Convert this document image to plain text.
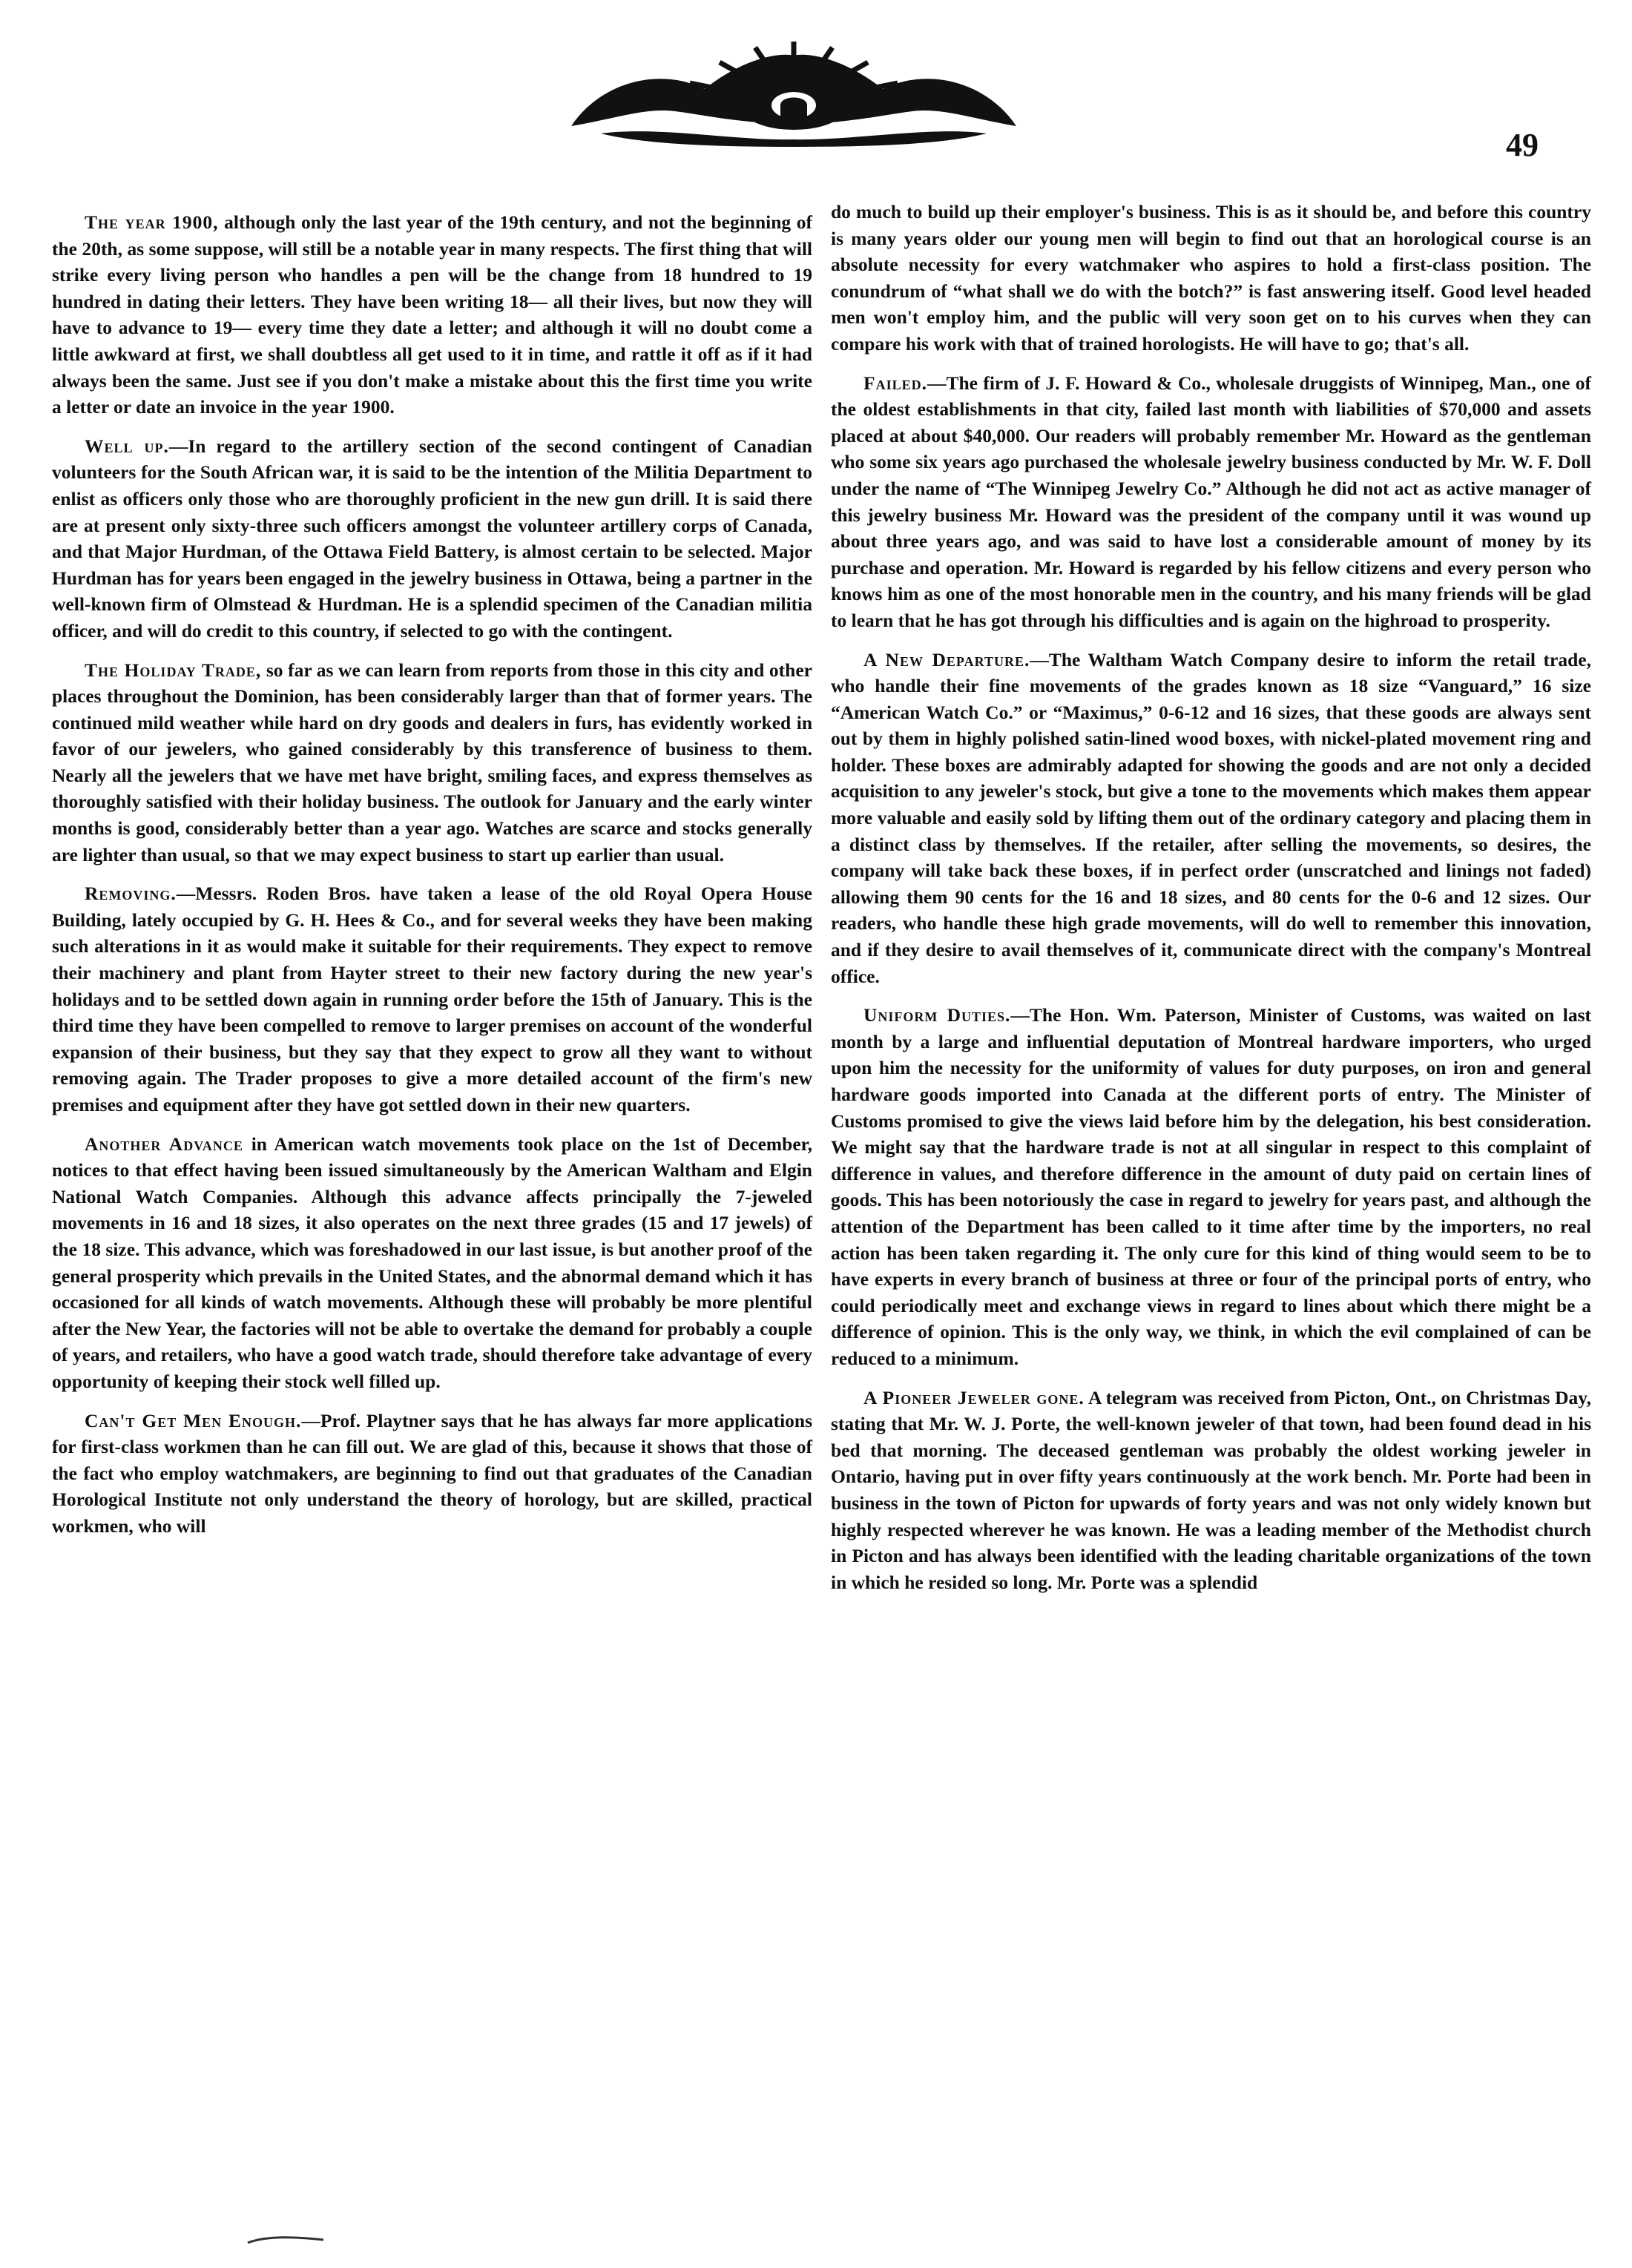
49

The year 1900, although only the last year of the 19th century, and not the beginning of the 20th, as some suppose, will still be a notable year in many respects. The first thing that will strike every living person who handles a pen will be the change from 18 hundred to 19 hundred in dating their letters. They have been writing 18— all their lives, but now they will have to advance to 19— every time they date a letter; and although it will no doubt come a little awkward at first, we shall doubtless all get used to it in time, and rattle it off as if it had always been the same. Just see if you don't make a mistake about this the first time you write a letter or date an invoice in the year 1900.

Well up.—In regard to the artillery section of the second contingent of Canadian volunteers for the South African war, it is said to be the intention of the Militia Department to enlist as officers only those who are thoroughly proficient in the new gun drill. It is said there are at present only sixty-three such officers amongst the volunteer artillery corps of Canada, and that Major Hurdman, of the Ottawa Field Battery, is almost certain to be selected. Major Hurdman has for years been engaged in the jewelry business in Ottawa, being a partner in the well-known firm of Olmstead & Hurdman. He is a splendid specimen of the Canadian militia officer, and will do credit to this country, if selected to go with the contingent.

The Holiday Trade, so far as we can learn from reports from those in this city and other places throughout the Dominion, has been considerably larger than that of former years. The continued mild weather while hard on dry goods and dealers in furs, has evidently worked in favor of our jewelers, who gained considerably by this transference of business to them. Nearly all the jewelers that we have met have bright, smiling faces, and express themselves as thoroughly satisfied with their holiday business. The outlook for January and the early winter months is good, considerably better than a year ago. Watches are scarce and stocks generally are lighter than usual, so that we may expect business to start up earlier than usual.

Removing.—Messrs. Roden Bros. have taken a lease of the old Royal Opera House Building, lately occupied by G. H. Hees & Co., and for several weeks they have been making such alterations in it as would make it suitable for their requirements. They expect to remove their machinery and plant from Hayter street to their new factory during the new year's holidays and to be settled down again in running order before the 15th of January. This is the third time they have been compelled to remove to larger premises on account of the wonderful expansion of their business, but they say that they expect to grow all they want to without removing again. The Trader proposes to give a more detailed account of the firm's new premises and equipment after they have got settled down in their new quarters.

Another Advance in American watch movements took place on the 1st of December, notices to that effect having been issued simultaneously by the American Waltham and Elgin National Watch Companies. Although this advance affects principally the 7-jeweled movements in 16 and 18 sizes, it also operates on the next three grades (15 and 17 jewels) of the 18 size. This advance, which was foreshadowed in our last issue, is but another proof of the general prosperity which prevails in the United States, and the abnormal demand which it has occasioned for all kinds of watch movements. Although these will probably be more plentiful after the New Year, the factories will not be able to overtake the demand for probably a couple of years, and retailers, who have a good watch trade, should therefore take advantage of every opportunity of keeping their stock well filled up.

Can't Get Men Enough.—Prof. Playtner says that he has always far more applications for first-class workmen than he can fill out. We are glad of this, because it shows that those of the fact who employ watchmakers, are beginning to find out that graduates of the Canadian Horological Institute not only understand the theory of horology, but are skilled, practical workmen, who will

do much to build up their employer's business. This is as it should be, and before this country is many years older our young men will begin to find out that an horological course is an absolute necessity for every watchmaker who aspires to hold a first-class position. The conundrum of “what shall we do with the botch?” is fast answering itself. Good level headed men won't employ him, and the public will very soon get on to his curves when they can compare his work with that of trained horologists. He will have to go; that's all.

Failed.—The firm of J. F. Howard & Co., wholesale druggists of Winnipeg, Man., one of the oldest establishments in that city, failed last month with liabilities of $70,000 and assets placed at about $40,000. Our readers will probably remember Mr. Howard as the gentleman who some six years ago purchased the wholesale jewelry business conducted by Mr. W. F. Doll under the name of “The Winnipeg Jewelry Co.” Although he did not act as active manager of this jewelry business Mr. Howard was the president of the company until it was wound up about three years ago, and was said to have lost a considerable amount of money by its purchase and operation. Mr. Howard is regarded by his fellow citizens and every person who knows him as one of the most honorable men in the country, and his many friends will be glad to learn that he has got through his difficulties and is again on the highroad to prosperity.

A New Departure.—The Waltham Watch Company desire to inform the retail trade, who handle their fine movements of the grades known as 18 size “Vanguard,” 16 size “American Watch Co.” or “Maximus,” 0-6-12 and 16 sizes, that these goods are always sent out by them in highly polished satin-lined wood boxes, with nickel-plated movement ring and holder. These boxes are admirably adapted for showing the goods and are not only a decided acquisition to any jeweler's stock, but give a tone to the movements which makes them appear more valuable and easily sold by lifting them out of the ordinary category and placing them in a distinct class by themselves. If the retailer, after selling the movements, so desires, the company will take back these boxes, if in perfect order (unscratched and linings not faded) allowing them 90 cents for the 16 and 18 sizes, and 80 cents for the 0-6 and 12 sizes. Our readers, who handle these high grade movements, will do well to remember this innovation, and if they desire to avail themselves of it, communicate direct with the company's Montreal office.

Uniform Duties.—The Hon. Wm. Paterson, Minister of Customs, was waited on last month by a large and influential deputation of Montreal hardware importers, who urged upon him the necessity for the uniformity of values for duty purposes, on iron and general hardware goods imported into Canada at the different ports of entry. The Minister of Customs promised to give the views laid before him by the delegation, his best consideration. We might say that the hardware trade is not at all singular in respect to this complaint of difference in values, and therefore difference in the amount of duty paid on certain lines of goods. This has been notoriously the case in regard to jewelry for years past, and although the attention of the Department has been called to it time after time by the importers, no real action has been taken regarding it. The only cure for this kind of thing would seem to be to have experts in every branch of business at three or four of the principal ports of entry, who could periodically meet and exchange views in regard to lines about which there might be a difference of opinion. This is the only way, we think, in which the evil complained of can be reduced to a minimum.

A Pioneer Jeweler gone. A telegram was received from Picton, Ont., on Christmas Day, stating that Mr. W. J. Porte, the well-known jeweler of that town, had been found dead in his bed that morning. The deceased gentleman was probably the oldest working jeweler in Ontario, having put in over fifty years continuously at the work bench. Mr. Porte had been in business in the town of Picton for upwards of forty years and was not only widely known but highly respected wherever he was known. He was a leading member of the Methodist church in Picton and has always been identified with the leading charitable organizations of the town in which he resided so long. Mr. Porte was a splendid
